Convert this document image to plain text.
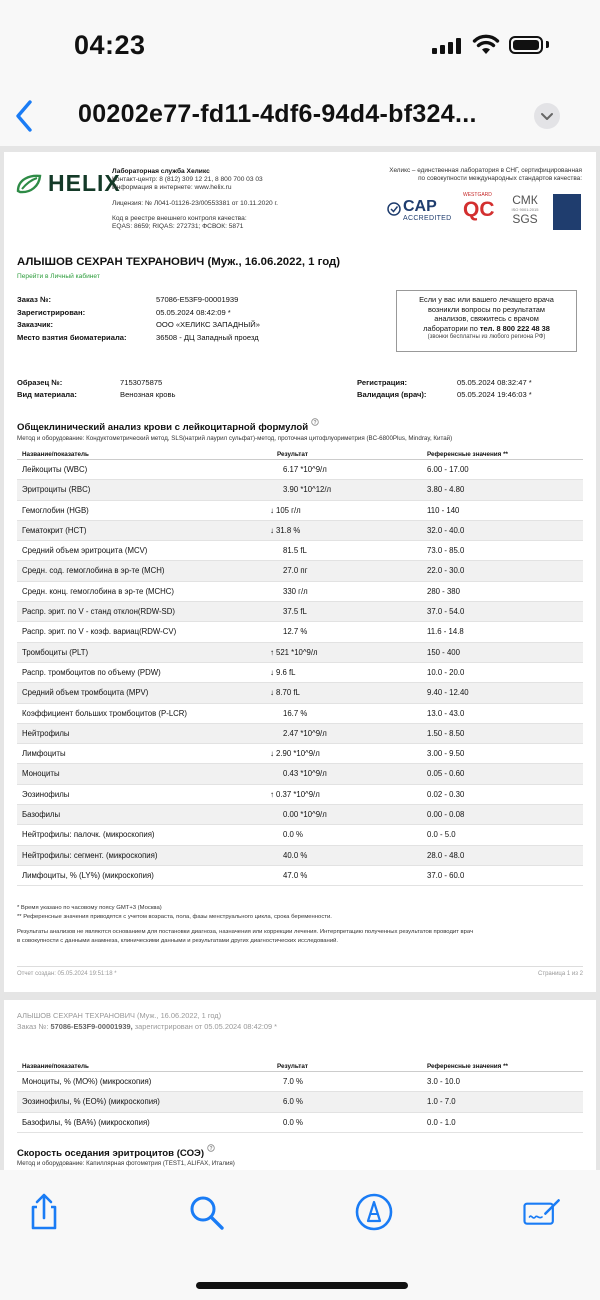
04:23
00202e77-fd11-4df6-94d4-bf324...
HELIX
Лабораторная служба Хеликс
Контакт-центр: 8 (812) 309 12 21, 8 800 700 03 03
Информация в интернете: www.helix.ru
Лицензия: № Л041-01126-23/00553381 от 10.11.2020 г.
Код в реестре внешнего контроля качества:
EQAS: 8659; RIQAS: 272731; ФСВОК: 5871
Хеликс – единственная лаборатория в СНГ, сертифицированная по совокупности международных стандартов качества:
CAP
ACCREDITED
WESTGARD
QC СМК
ISO 9001:2015
SGS
АЛЫШОВ СЕХРАН ТЕХРАНОВИЧ (Муж., 16.06.2022, 1 год)
Перейти в Личный кабинет
Заказ №:	57086-E53F9-00001939
Зарегистрирован:	05.05.2024 08:42:09 *
Заказчик:	ООО «ХЕЛИКС ЗАПАДНЫЙ»
Место взятия биоматериала:	36508 - ДЦ Западный проезд
Если у вас или вашего лечащего врача
возникли вопросы по результатам
анализов, свяжитесь с врачом
лаборатории по тел. 8 800 222 48 38
(звонки бесплатны из любого региона РФ)
Образец №:	7153075875	Регистрация:	05.05.2024 08:32:47 *
Вид материала:	Венозная кровь	Валидация (врач):	05.05.2024 19:46:03 *
Общеклинический анализ крови с лейкоцитарной формулой ?
Метод и оборудование: Кондуктометрический метод, SLS(натрий лаурил сульфат)-метод, проточная цитофлуориметрия (BC-6800Plus, Mindray, Китай)
Название/показатель	Результат	Референсные значения **
Лейкоциты (WBC)	6.17 *10^9/л	6.00 - 17.00
Эритроциты (RBC)	3.90 *10^12/л	3.80 - 4.80
Гемоглобин (HGB)	↓ 105 г/л	110 - 140
Гематокрит (HCT)	↓ 31.8 %	32.0 - 40.0
Средний объем эритроцита (MCV)	81.5 fL	73.0 - 85.0
Средн. сод. гемоглобина в эр-те (MCH)	27.0 пг	22.0 - 30.0
Средн. конц. гемоглобина в эр-те (MCHC)	330 г/л	280 - 380
Распр. эрит. по V - станд отклон(RDW-SD)	37.5 fL	37.0 - 54.0
Распр. эрит. по V - коэф. вариац(RDW-CV)	12.7 %	11.6 - 14.8
Тромбоциты (PLT)	↑ 521 *10^9/л	150 - 400
Распр. тромбоцитов по объему (PDW)	↓ 9.6 fL	10.0 - 20.0
Средний объем тромбоцита (MPV)	↓ 8.70 fL	9.40 - 12.40
Коэффициент больших тромбоцитов (P-LCR)	16.7 %	13.0 - 43.0
Нейтрофилы	2.47 *10^9/л	1.50 - 8.50
Лимфоциты	↓ 2.90 *10^9/л	3.00 - 9.50
Моноциты	0.43 *10^9/л	0.05 - 0.60
Эозинофилы	↑ 0.37 *10^9/л	0.02 - 0.30
Базофилы	0.00 *10^9/л	0.00 - 0.08
Нейтрофилы: палочк. (микроскопия)	0.0 %	0.0 - 5.0
Нейтрофилы: сегмент. (микроскопия)	40.0 %	28.0 - 48.0
Лимфоциты, % (LY%) (микроскопия)	47.0 %	37.0 - 60.0
* Время указано по часовому поясу GMT+3 (Москва)
** Референсные значения приводятся с учетом возраста, пола, фазы менструального цикла, срока беременности.
Результаты анализов не являются основанием для постановки диагноза, назначения или коррекции лечения. Интерпретацию полученных результатов проводит врач
в совокупности с данными анамнеза, клиническими данными и результатами других диагностических исследований.
Отчет создан: 05.05.2024 19:51:18 *	Страница 1 из 2
АЛЫШОВ СЕХРАН ТЕХРАНОВИЧ (Муж., 16.06.2022, 1 год)
Заказ №: 57086-E53F9-00001939, зарегистрирован от 05.05.2024 08:42:09 *
Название/показатель	Результат	Референсные значения **
Моноциты, % (MO%) (микроскопия)	7.0 %	3.0 - 10.0
Эозинофилы, % (EO%) (микроскопия)	6.0 %	1.0 - 7.0
Базофилы, % (BA%) (микроскопия)	0.0 %	0.0 - 1.0
Скорость оседания эритроцитов (СОЭ) ?
Метод и оборудование: Капиллярная фотометрия (TEST1, ALIFAX, Италия)
